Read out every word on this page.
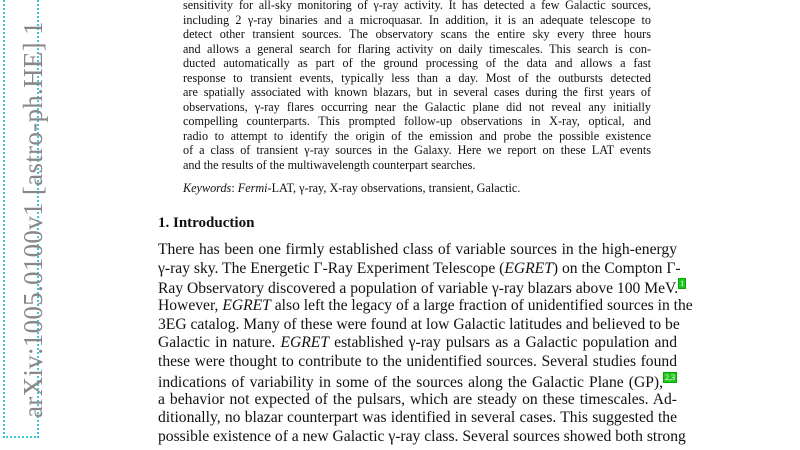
arXiv:1005.0100v1 [astro-ph.HE] 1
sensitivity for all-sky monitoring of γ-ray activity. It has detected a few Galactic sources,
including 2 γ-ray binaries and a microquasar. In addition, it is an adequate telescope to
detect other transient sources. The observatory scans the entire sky every three hours
and allows a general search for flaring activity on daily timescales. This search is con-
ducted automatically as part of the ground processing of the data and allows a fast
response to transient events, typically less than a day. Most of the outbursts detected
are spatially associated with known blazars, but in several cases during the first years of
observations, γ-ray flares occurring near the Galactic plane did not reveal any initially
compelling counterparts. This prompted follow-up observations in X-ray, optical, and
radio to attempt to identify the origin of the emission and probe the possible existence
of a class of transient γ-ray sources in the Galaxy. Here we report on these LAT events
and the results of the multiwavelength counterpart searches.
Keywords: Fermi-LAT, γ-ray, X-ray observations, transient, Galactic.
1. Introduction
There has been one firmly established class of variable sources in the high-energy
γ-ray sky. The Energetic Γ-Ray Experiment Telescope (EGRET) on the Compton Γ-
Ray Observatory discovered a population of variable γ-ray blazars above 100 MeV. 1
However, EGRET also left the legacy of a large fraction of unidentified sources in the
3EG catalog. Many of these were found at low Galactic latitudes and believed to be
Galactic in nature. EGRET established γ-ray pulsars as a Galactic population and
these were thought to contribute to the unidentified sources. Several studies found
indications of variability in some of the sources along the Galactic Plane (GP), 2,3
a behavior not expected of the pulsars, which are steady on these timescales. Ad-
ditionally, no blazar counterpart was identified in several cases. This suggested the
possible existence of a new Galactic γ-ray class. Several sources showed both strong
